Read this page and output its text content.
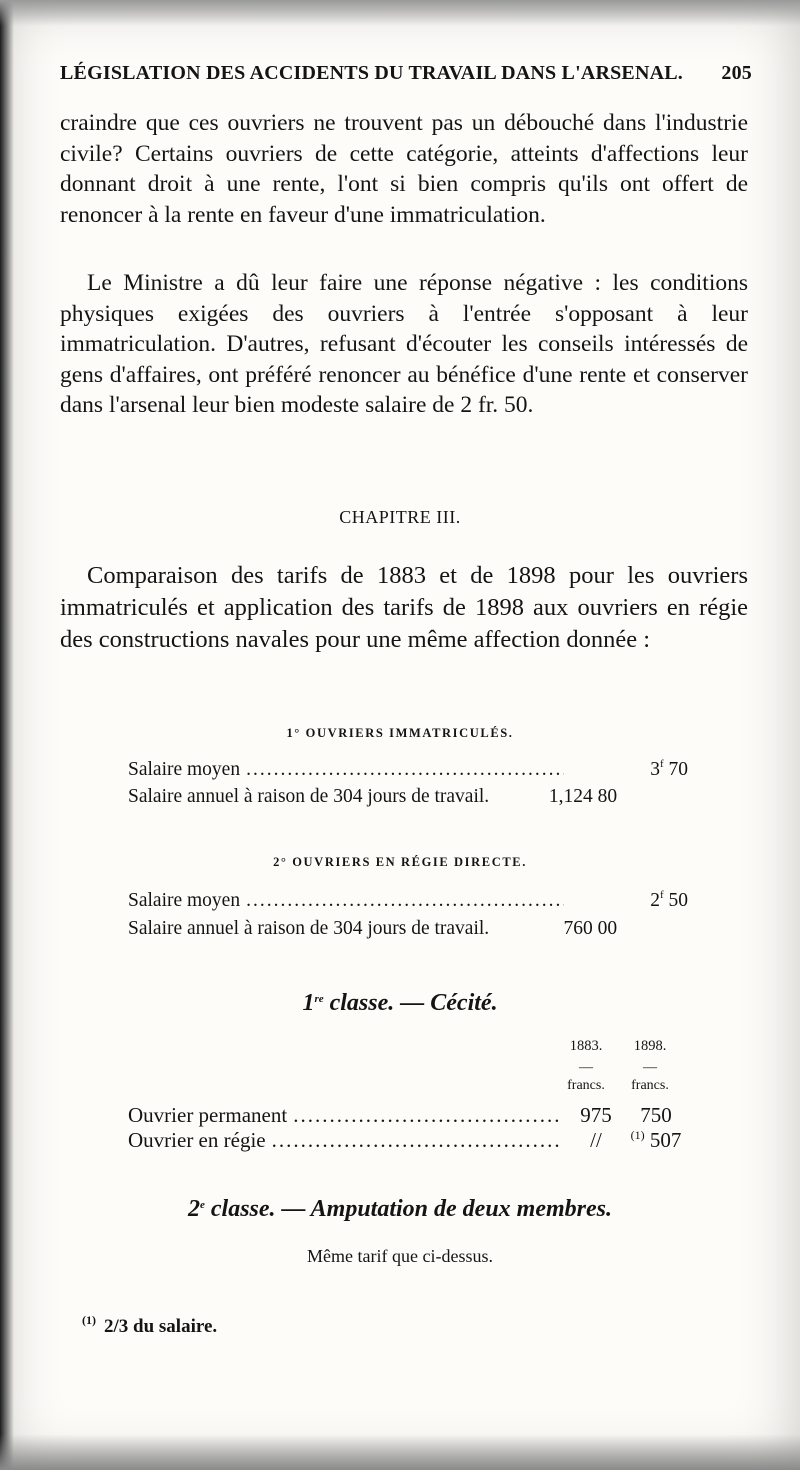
LÉGISLATION DES ACCIDENTS DU TRAVAIL DANS L'ARSENAL. 205
craindre que ces ouvriers ne trouvent pas un débouché dans l'industrie civile? Certains ouvriers de cette catégorie, atteints d'affections leur donnant droit à une rente, l'ont si bien compris qu'ils ont offert de renoncer à la rente en faveur d'une immatriculation.
Le Ministre a dû leur faire une réponse négative : les conditions physiques exigées des ouvriers à l'entrée s'opposant à leur immatriculation. D'autres, refusant d'écouter les conseils intéressés de gens d'affaires, ont préféré renoncer au bénéfice d'une rente et conserver dans l'arsenal leur bien modeste salaire de 2 fr. 50.
CHAPITRE III.
Comparaison des tarifs de 1883 et de 1898 pour les ouvriers immatriculés et application des tarifs de 1898 aux ouvriers en régie des constructions navales pour une même affection donnée :
1° OUVRIERS IMMATRICULÉS.
Salaire moyen .....	3$^f$ 70
Salaire annuel à raison de 304 jours de travail.	1,124 80
2° OUVRIERS EN RÉGIE DIRECTE.
Salaire moyen .....	2$^f$ 50
Salaire annuel à raison de 304 jours de travail.	760 00
1re classe. — Cécité.
1883.	1898.
—	—
francs.	francs.
Ouvrier permanent .....	975	750
Ouvrier en régie .....	//	$^{(1)}$ 507
2e classe. — Amputation de deux membres.
Même tarif que ci-dessus.
$^{(1)}$ 2/3 du salaire.
